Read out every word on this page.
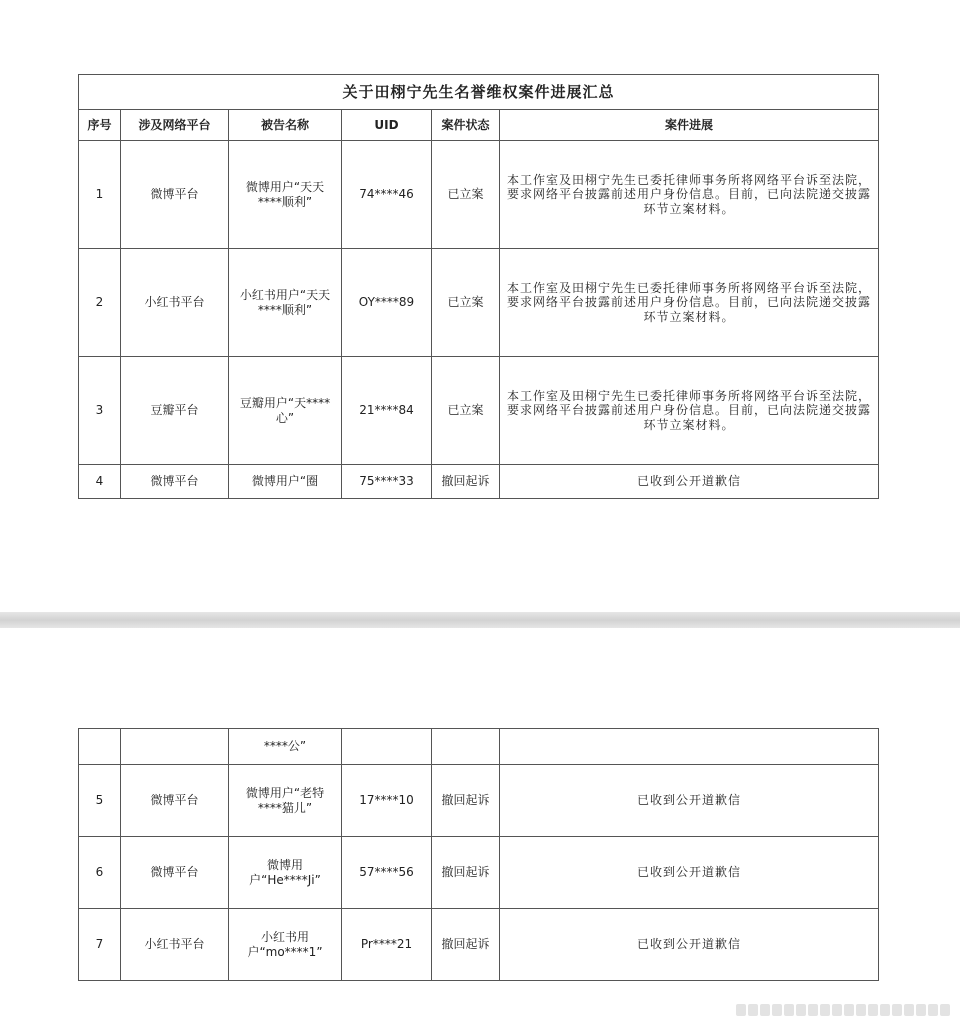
关于田栩宁先生名誉维权案件进展汇总					
序号	涉及网络平台	被告名称	UID	案件状态	案件进展
1	微博平台	微博用户“天天****顺利”	74****46	已立案	本工作室及田栩宁先生已委托律师事务所将网络平台诉至法院，要求网络平台披露前述用户身份信息。目前，已向法院递交披露环节立案材料。
2	小红书平台	小红书用户“天天****顺利”	OY****89	已立案	本工作室及田栩宁先生已委托律师事务所将网络平台诉至法院，要求网络平台披露前述用户身份信息。目前，已向法院递交披露环节立案材料。
3	豆瓣平台	豆瓣用户“天****心”	21****84	已立案	本工作室及田栩宁先生已委托律师事务所将网络平台诉至法院，要求网络平台披露前述用户身份信息。目前，已向法院递交披露环节立案材料。
4	微博平台	微博用户“圈	75****33	撤回起诉	已收到公开道歉信
		****公”			
5	微博平台	微博用户“老特****猫儿”	17****10	撤回起诉	已收到公开道歉信
6	微博平台	微博用户“He****Ji”	57****56	撤回起诉	已收到公开道歉信
7	小红书平台	小红书用户“mo****1”	Pr****21	撤回起诉	已收到公开道歉信
